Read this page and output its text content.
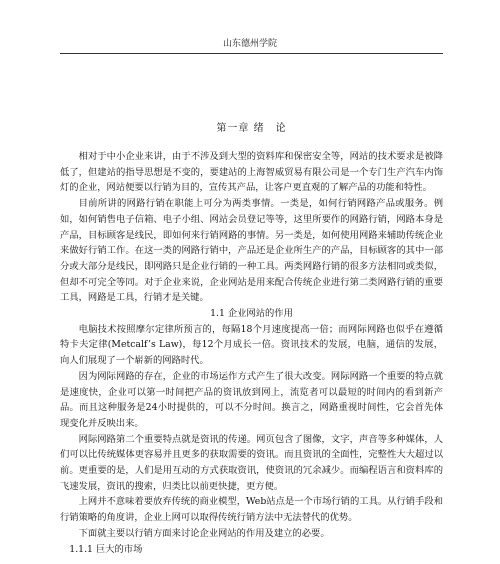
山东德州学院
第一章 绪　论

相对于中小企业来讲，由于不涉及到大型的资料库和保密安全等，网站的技术要求是被降低了，但建站的指导思想是不变的，要建站的上海智威贸易有限公司是一个专门生产汽车内饰灯的企业，网站便要以行销为目的，宣传其产品，让客户更直观的了解产品的功能和特性。

目前所讲的网路行销在职能上可分为两类事情。一类是，如何行销网路产品或服务。例如，如何销售电子信箱、电子小组、网站会员登记等等，这里所要作的网路行销，网路本身是产品，目标顾客是线民，即如何来行销网路的事情。另一类是，如何使用网路来辅助传统企业来做好行销工作。在这一类的网路行销中，产品还是企业所生产的产品，目标顾客的其中一部分或大部分是线民，即网路只是企业行销的一种工具。两类网路行销的很多方法相同或类似，但却不可完全等同。对于企业来说，企业网站是用来配合传统企业进行第二类网路行销的重要工具，网路是工具，行销才是关键。

1.1 企业网站的作用

电脑技术按照摩尔定律所预言的，每隔18个月速度提高一倍；而网际网路也似乎在遵循特卡夫定律(Metcalf’s Law)，每12个月成长一倍。资讯技术的发展，电脑，通信的发展，向人们展现了一个崭新的网路时代。

因为网际网路的存在，企业的市场运作方式产生了很大改变。网际网路一个重要的特点就是速度快，企业可以第一时间把产品的资讯放到网上，流览者可以最短的时间内的看到新产品。而且这种服务是24小时提供的，可以不分时间。换言之，网路重视时间性，它会首先体现变化并反映出来。

网际网路第二个重要特点就是资讯的传递。网页包含了图像，文字，声音等多种媒体，人们可以比传统媒体更容易并且更多的获取需要的资讯。而且资讯的全面性，完整性大大超过以前。更重要的是，人们是用互动的方式获取资讯，使资讯的冗余减少。而编程语言和资料库的飞速发展，资讯的搜索，归类比以前更快捷，更方便。

上网并不意味着要放弃传统的商业模型，Web站点是一个市场行销的工具。从行销手段和行销策略的角度讲，企业上网可以取得传统行销方法中无法替代的优势。

下面就主要以行销方面来讨论企业网站的作用及建立的必要。

1.1.1 巨大的市场
